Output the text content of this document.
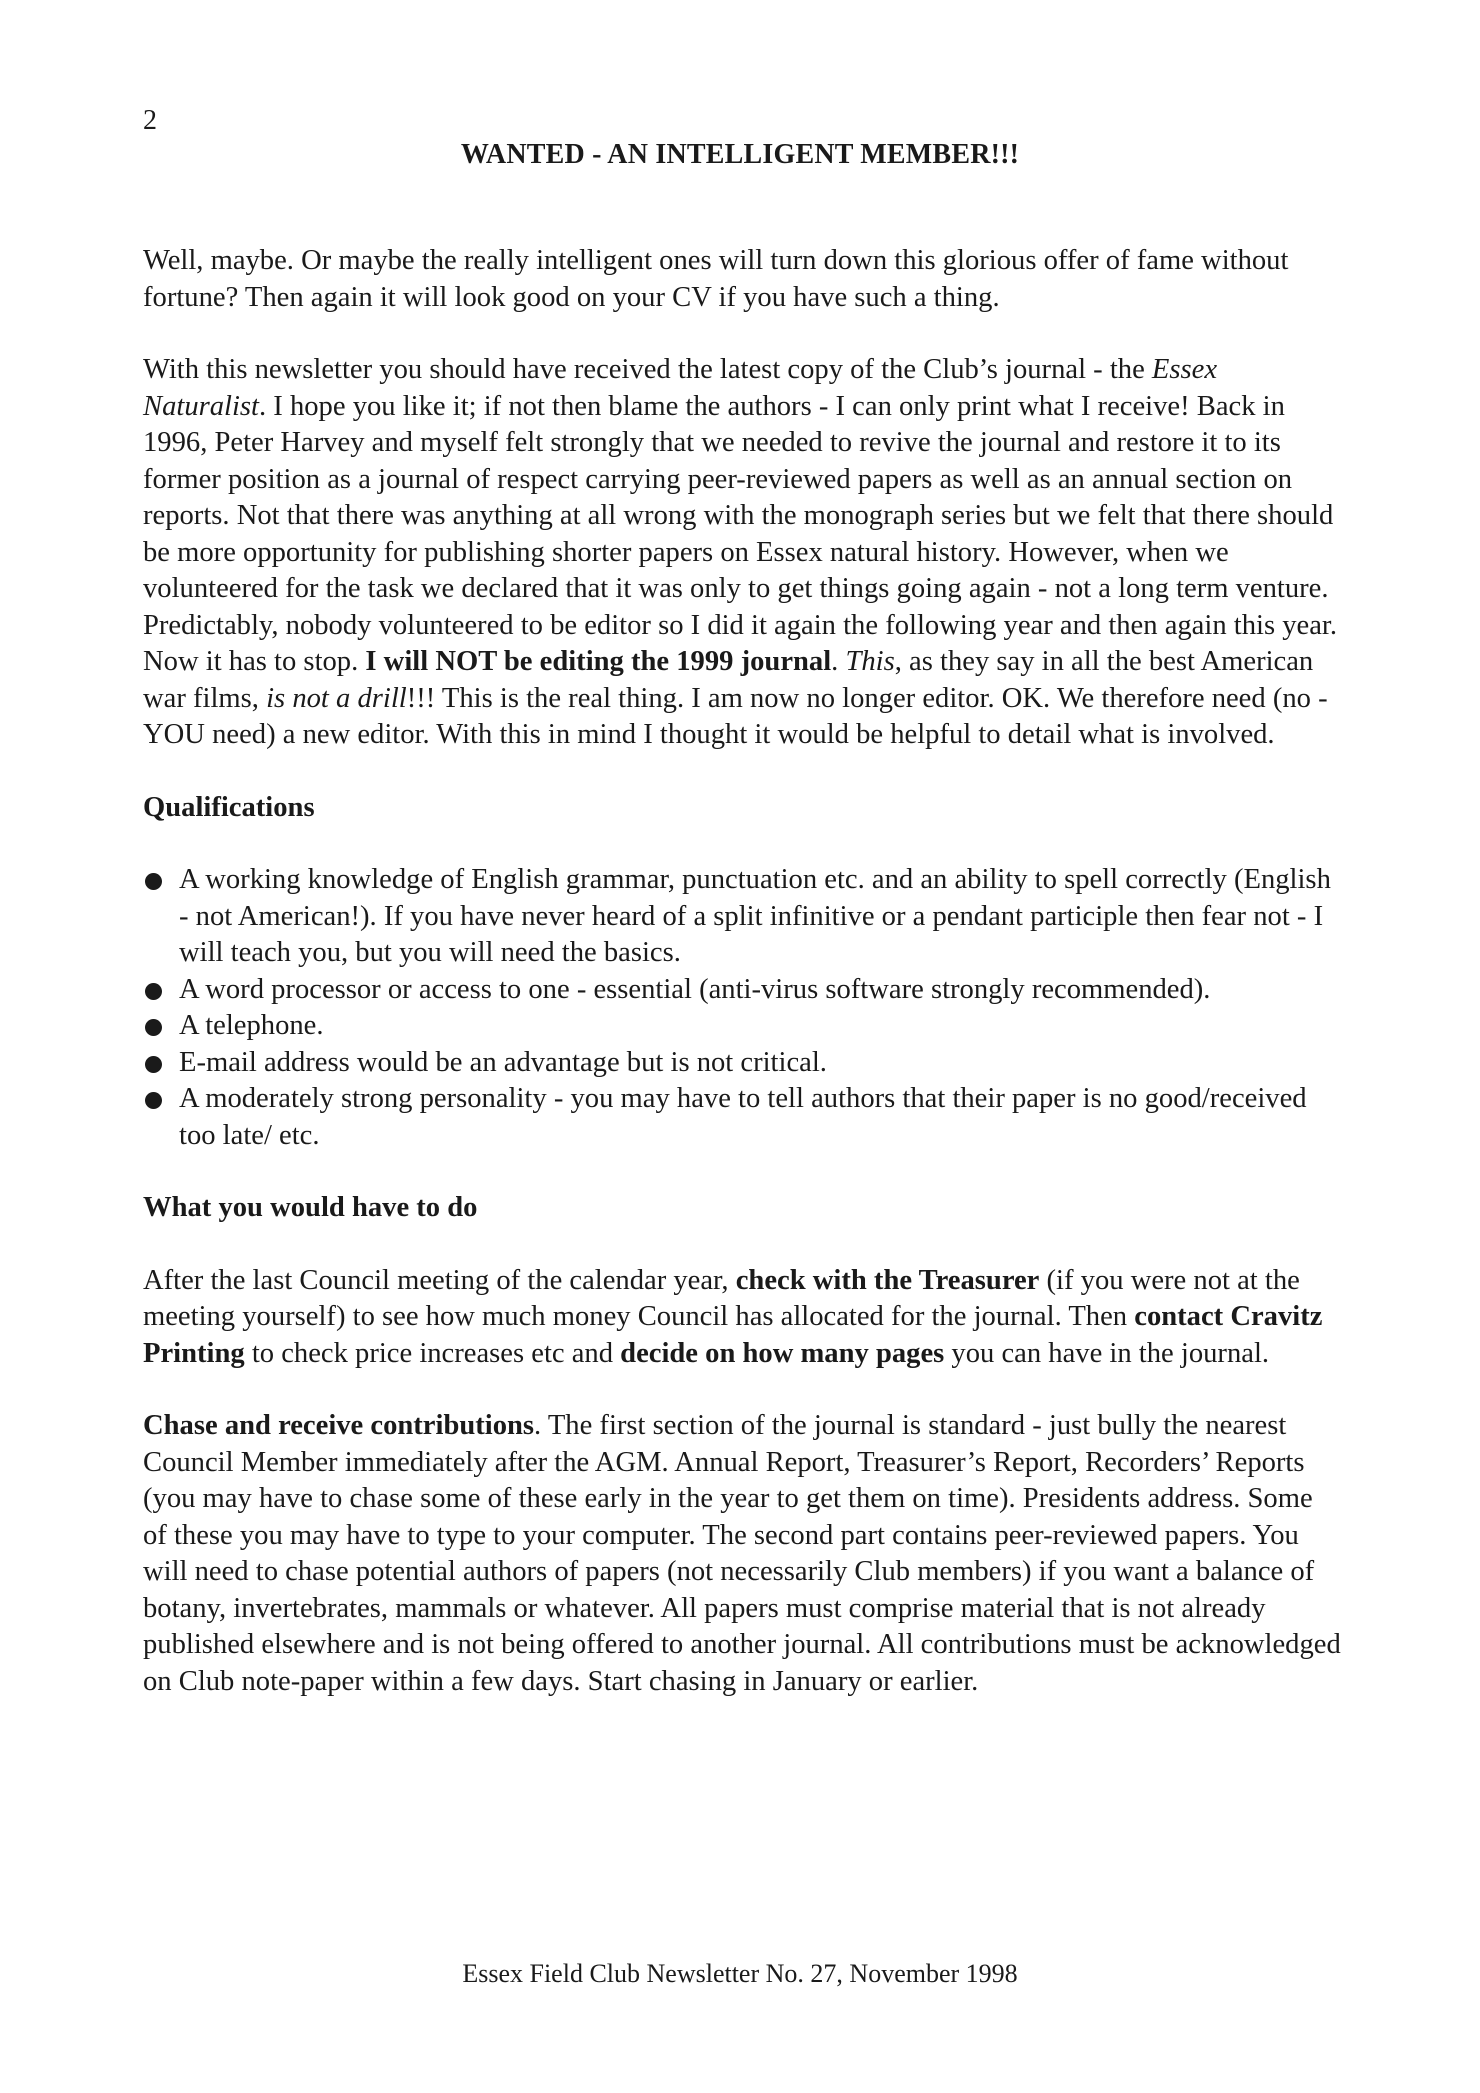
2
WANTED - AN INTELLIGENT MEMBER!!!

Well, maybe. Or maybe the really intelligent ones will turn down this glorious offer of fame without fortune? Then again it will look good on your CV if you have such a thing.

With this newsletter you should have received the latest copy of the Club’s journal - the Essex Naturalist. I hope you like it; if not then blame the authors - I can only print what I receive! Back in 1996, Peter Harvey and myself felt strongly that we needed to revive the journal and restore it to its former position as a journal of respect carrying peer-reviewed papers as well as an annual section on reports. Not that there was anything at all wrong with the monograph series but we felt that there should be more opportunity for publishing shorter papers on Essex natural history. However, when we volunteered for the task we declared that it was only to get things going again - not a long term venture. Predictably, nobody volunteered to be editor so I did it again the following year and then again this year. Now it has to stop. I will NOT be editing the 1999 journal. This, as they say in all the best American war films, is not a drill!!! This is the real thing. I am now no longer editor. OK. We therefore need (no - YOU need) a new editor. With this in mind I thought it would be helpful to detail what is involved.

Qualifications
A working knowledge of English grammar, punctuation etc. and an ability to spell correctly (English - not American!). If you have never heard of a split infinitive or a pendant participle then fear not - I will teach you, but you will need the basics.
A word processor or access to one - essential (anti-virus software strongly recommended).
A telephone.
E-mail address would be an advantage but is not critical.
A moderately strong personality - you may have to tell authors that their paper is no good/received too late/ etc.
What you would have to do

After the last Council meeting of the calendar year, check with the Treasurer (if you were not at the meeting yourself) to see how much money Council has allocated for the journal. Then contact Cravitz Printing to check price increases etc and decide on how many pages you can have in the journal.

Chase and receive contributions. The first section of the journal is standard - just bully the nearest Council Member immediately after the AGM. Annual Report, Treasurer’s Report, Recorders’ Reports (you may have to chase some of these early in the year to get them on time). Presidents address. Some of these you may have to type to your computer. The second part contains peer-reviewed papers. You will need to chase potential authors of papers (not necessarily Club members) if you want a balance of botany, invertebrates, mammals or whatever. All papers must comprise material that is not already published elsewhere and is not being offered to another journal. All contributions must be acknowledged on Club note-paper within a few days. Start chasing in January or earlier.

Essex Field Club Newsletter No. 27, November 1998
